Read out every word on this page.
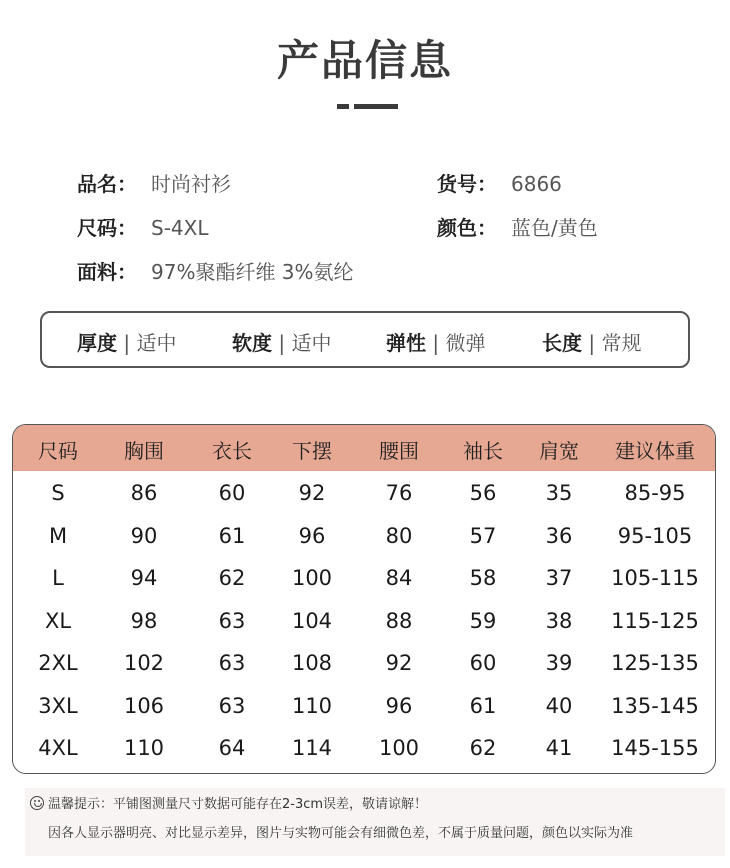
产品信息
品名： 时尚衬衫	货号： 6866
尺码： S-4XL	颜色： 蓝色/黄色
面料： 97%聚酯纤维 3%氨纶
厚度 | 适中	软度 | 适中	弹性 | 微弹	长度 | 常规
尺码 胸围 衣长 下摆 腰围 袖长 肩宽 建议体重
S	86	60	92	76	56 35 85-95
M	90	61	96	80	57 36 95-105
L	94	62 100	84	58 37 105-115
XL	98	63 104	88	59 38 115-125
2XL 102	63 108	92	60 39 125-135
3XL 106	63 110	96	61 40 135-145
4XL 110	64 114 100 62 41 145-155
温馨提示：平铺图测量尺寸数据可能存在2-3cm误差，敬请谅解！
因各人显示器明亮、对比显示差异，图片与实物可能会有细微色差，不属于质量问题，颜色以实际为准
